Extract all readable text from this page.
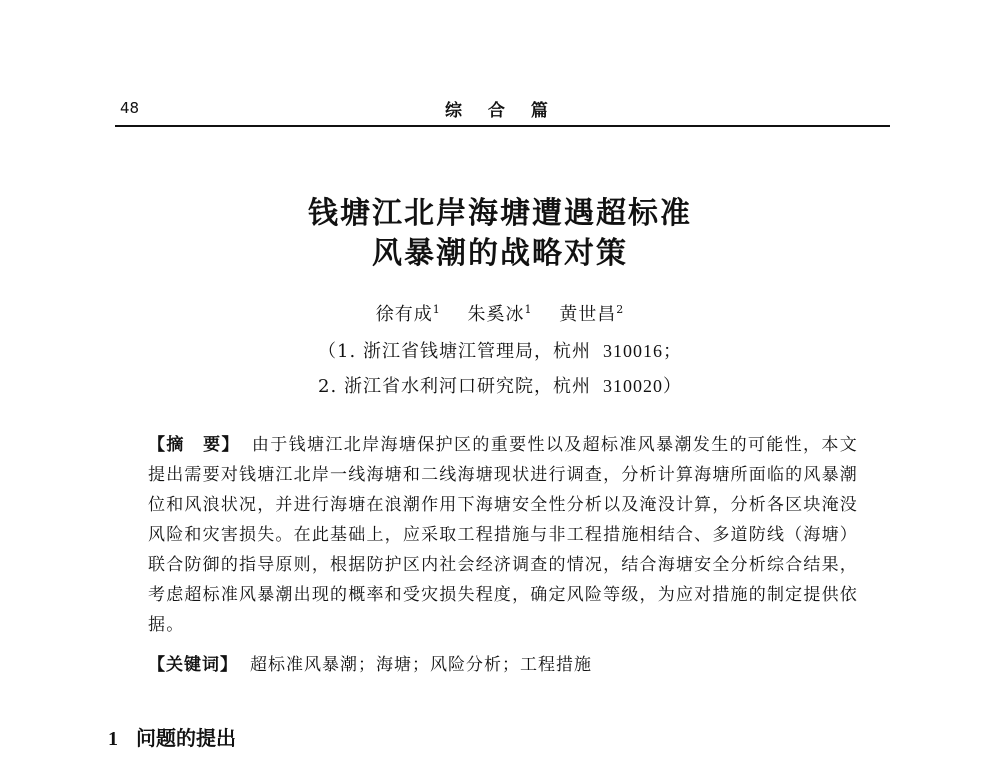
48	综 合 篇
钱塘江北岸海塘遭遇超标准
风暴潮的战略对策
徐有成$^1$ 朱奚冰$^1$ 黄世昌$^2$
（1. 浙江省钱塘江管理局，杭州 310016；
2. 浙江省水利河口研究院，杭州 310020）
【摘　要】 由于钱塘江北岸海塘保护区的重要性以及超标准风暴潮发生的可能性，本文提出需要对钱塘江北岸一线海塘和二线海塘现状进行调查，分析计算海塘所面临的风暴潮位和风浪状况，并进行海塘在浪潮作用下海塘安全性分析以及淹没计算，分析各区块淹没风险和灾害损失。在此基础上，应采取工程措施与非工程措施相结合、多道防线（海塘）联合防御的指导原则，根据防护区内社会经济调查的情况，结合海塘安全分析综合结果，考虑超标准风暴潮出现的概率和受灾损失程度，确定风险等级，为应对措施的制定提供依据。
【关键词】 超标准风暴潮；海塘；风险分析；工程措施
1 问题的提出
